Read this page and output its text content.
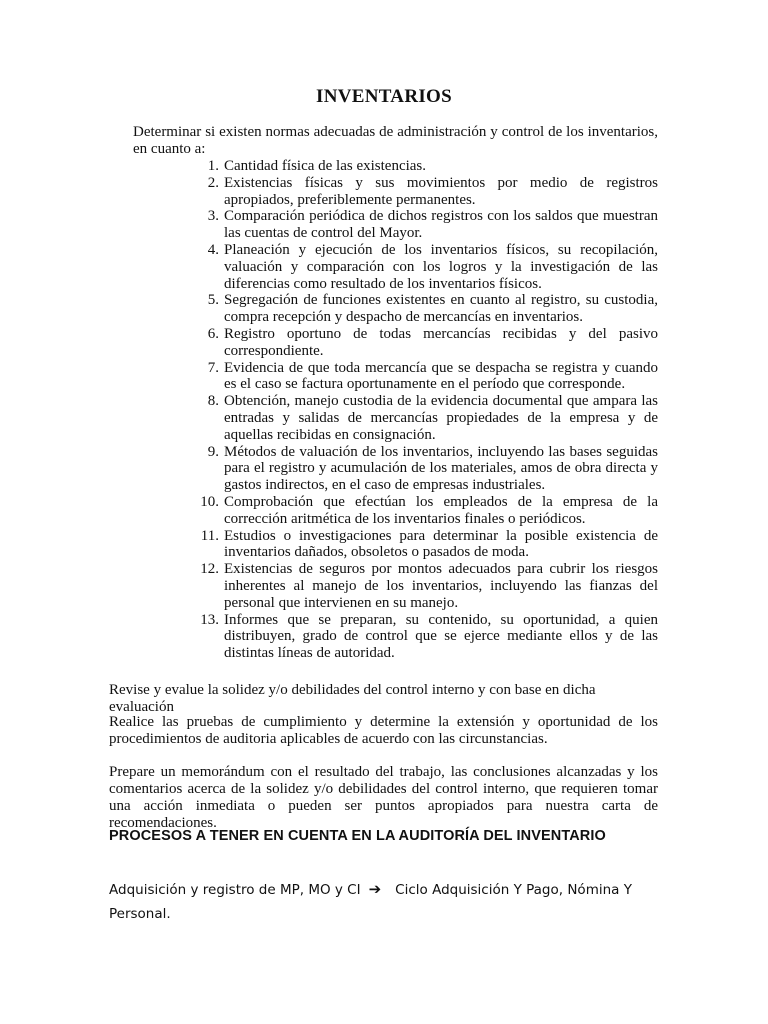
INVENTARIOS
Determinar si existen normas adecuadas de administración y control de los inventarios, en cuanto a:
1. Cantidad física de las existencias.
2. Existencias físicas y sus movimientos por medio de registros apropiados, preferiblemente permanentes.
3. Comparación periódica de dichos registros con los saldos que muestran las cuentas de control del Mayor.
4. Planeación y ejecución de los inventarios físicos, su recopilación, valuación y comparación con los logros y la investigación de las diferencias como resultado de los inventarios físicos.
5. Segregación de funciones existentes en cuanto al registro, su custodia, compra recepción y despacho de mercancías en inventarios.
6. Registro oportuno de todas mercancías recibidas y del pasivo correspondiente.
7. Evidencia de que toda mercancía que se despacha se registra y cuando es el caso se factura oportunamente en el período que corresponde.
8. Obtención, manejo custodia de la evidencia documental que ampara las entradas y salidas de mercancías propiedades de la empresa y de aquellas recibidas en consignación.
9. Métodos de valuación de los inventarios, incluyendo las bases seguidas para el registro y acumulación de los materiales, amos de obra directa y gastos indirectos, en el caso de empresas industriales.
10. Comprobación que efectúan los empleados de la empresa de la corrección aritmética de los inventarios finales o periódicos.
11. Estudios o investigaciones para determinar la posible existencia de inventarios dañados, obsoletos o pasados de moda.
12. Existencias de seguros por montos adecuados para cubrir los riesgos inherentes al manejo de los inventarios, incluyendo las fianzas del personal que intervienen en su manejo.
13. Informes que se preparan, su contenido, su oportunidad, a quien distribuyen, grado de control que se ejerce mediante ellos y de las distintas líneas de autoridad.
Revise y evalue la solidez y/o debilidades del control interno y con base en dicha evaluación
Realice las pruebas de cumplimiento y determine la extensión y oportunidad de los procedimientos de auditoria aplicables de acuerdo con las circunstancias.
Prepare un memorándum con el resultado del trabajo, las conclusiones alcanzadas y los comentarios acerca de la solidez y/o debilidades del control interno, que requieren tomar una acción inmediata o pueden ser puntos apropiados para nuestra carta de recomendaciones.
PROCESOS A TENER EN CUENTA EN LA AUDITORÍA DEL INVENTARIO
Adquisición y registro de MP, MO y CI ➔ Ciclo Adquisición Y Pago, Nómina Y
Personal.
